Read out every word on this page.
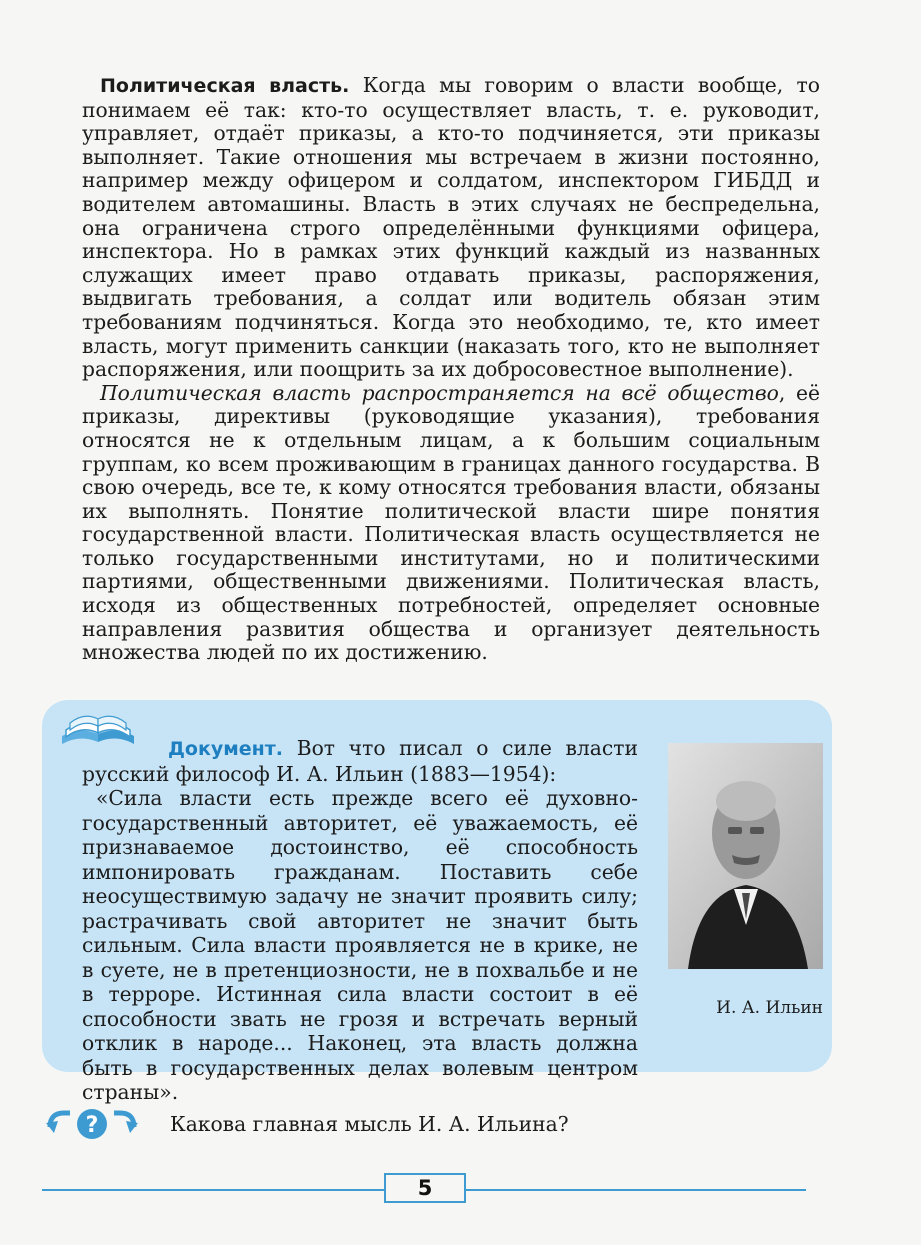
Политическая власть. Когда мы говорим о власти вообще, то понимаем её так: кто-то осуществляет власть, т. е. руководит, управляет, отдаёт приказы, а кто-то подчиняется, эти приказы выполняет. Такие отношения мы встречаем в жизни постоянно, например между офицером и солдатом, инспектором ГИБДД и водителем автомашины. Власть в этих случаях не беспредельна, она ограничена строго определёнными функциями офицера, инспектора. Но в рамках этих функций каждый из названных служащих имеет право отдавать приказы, распоряжения, выдвигать требования, а солдат или водитель обязан этим требованиям подчиняться. Когда это необходимо, те, кто имеет власть, могут применить санкции (наказать того, кто не выполняет распоряжения, или поощрить за их добросовестное выполнение).

Политическая власть распространяется на всё общество, её приказы, директивы (руководящие указания), требования относятся не к отдельным лицам, а к большим социальным группам, ко всем проживающим в границах данного государства. В свою очередь, все те, к кому относятся требования власти, обязаны их выполнять. Понятие политической власти шире понятия государственной власти. Политическая власть осуществляется не только государственными институтами, но и политическими партиями, общественными движениями. Политическая власть, исходя из общественных потребностей, определяет основные направления развития общества и организует деятельность множества людей по их достижению.

Документ. Вот что писал о силе власти русский философ И. А. Ильин (1883—1954):

«Сила власти есть прежде всего её духовно-государственный авторитет, её уважаемость, её признаваемое достоинство, её способность импонировать гражданам. Поставить себе неосуществимую задачу не значит проявить силу; растрачивать свой авторитет не значит быть сильным. Сила власти проявляется не в крике, не в суете, не в претенциозности, не в похвальбе и не в терроре. Истинная сила власти состоит в её способности звать не грозя и встречать верный отклик в народе... Наконец, эта власть должна быть в государственных делах волевым центром страны».

И. А. Ильин
?	Какова главная мысль И. А. Ильина?
5
